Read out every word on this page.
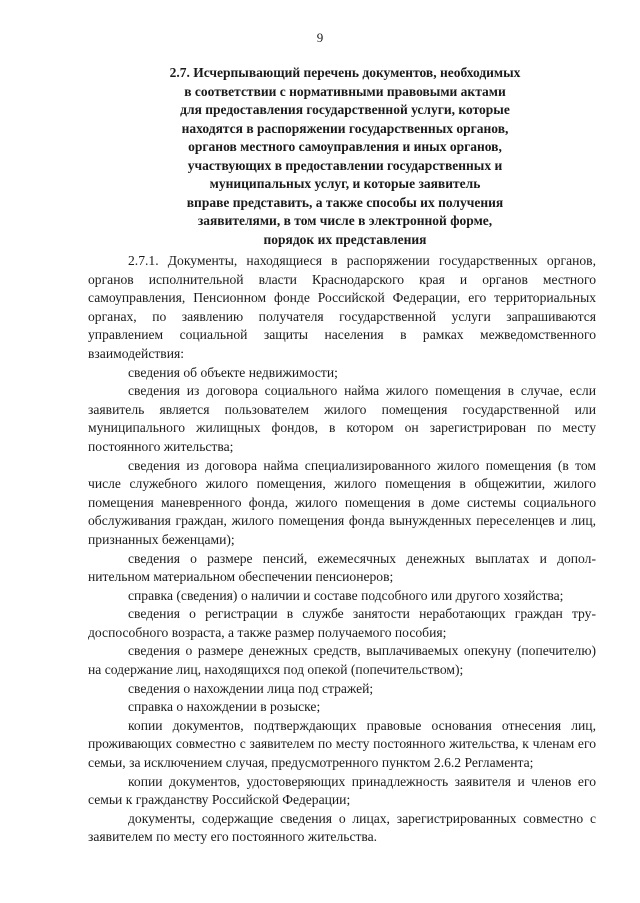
9
2.7. Исчерпывающий перечень документов, необходимых
в соответствии с нормативными правовыми актами
для предоставления государственной услуги, которые
находятся в распоряжении государственных органов,
органов местного самоуправления и иных органов,
участвующих в предоставлении государственных и
муниципальных услуг, и которые заявитель
вправе представить, а также способы их получения
заявителями, в том числе в электронной форме,
порядок их представления

2.7.1. Документы, находящиеся в распоряжении государственных органов, органов исполнительной власти Краснодарского края и органов местного самоуправления, Пенсионном фонде Российской Федерации, его территориальных органах, по заявлению получателя государственной услуги запрашиваются управлением социальной защиты населения в рамках межведомственного взаимодействия:

сведения об объекте недвижимости;

сведения из договора социального найма жилого помещения в случае, если заявитель является пользователем жилого помещения государственной или муниципального жилищных фондов, в котором он зарегистрирован по месту постоянного жительства;

сведения из договора найма специализированного жилого помещения (в том числе служебного жилого помещения, жилого помещения в общежитии, жилого помещения маневренного фонда, жилого помещения в доме системы социального обслуживания граждан, жилого помещения фонда вынужденных переселенцев и лиц, признанных беженцами);

сведения о размере пенсий, ежемесячных денежных выплатах и дополнительном материальном обеспечении пенсионеров;

справка (сведения) о наличии и составе подсобного или другого хозяйства;

сведения о регистрации в службе занятости неработающих граждан трудоспособного возраста, а также размер получаемого пособия;

сведения о размере денежных средств, выплачиваемых опекуну (попечителю) на содержание лиц, находящихся под опекой (попечительством);

сведения о нахождении лица под стражей;

справка о нахождении в розыске;

копии документов, подтверждающих правовые основания отнесения лиц, проживающих совместно с заявителем по месту постоянного жительства, к членам его семьи, за исключением случая, предусмотренного пунктом 2.6.2 Регламента;

копии документов, удостоверяющих принадлежность заявителя и членов его семьи к гражданству Российской Федерации;

документы, содержащие сведения о лицах, зарегистрированных совместно с заявителем по месту его постоянного жительства.
